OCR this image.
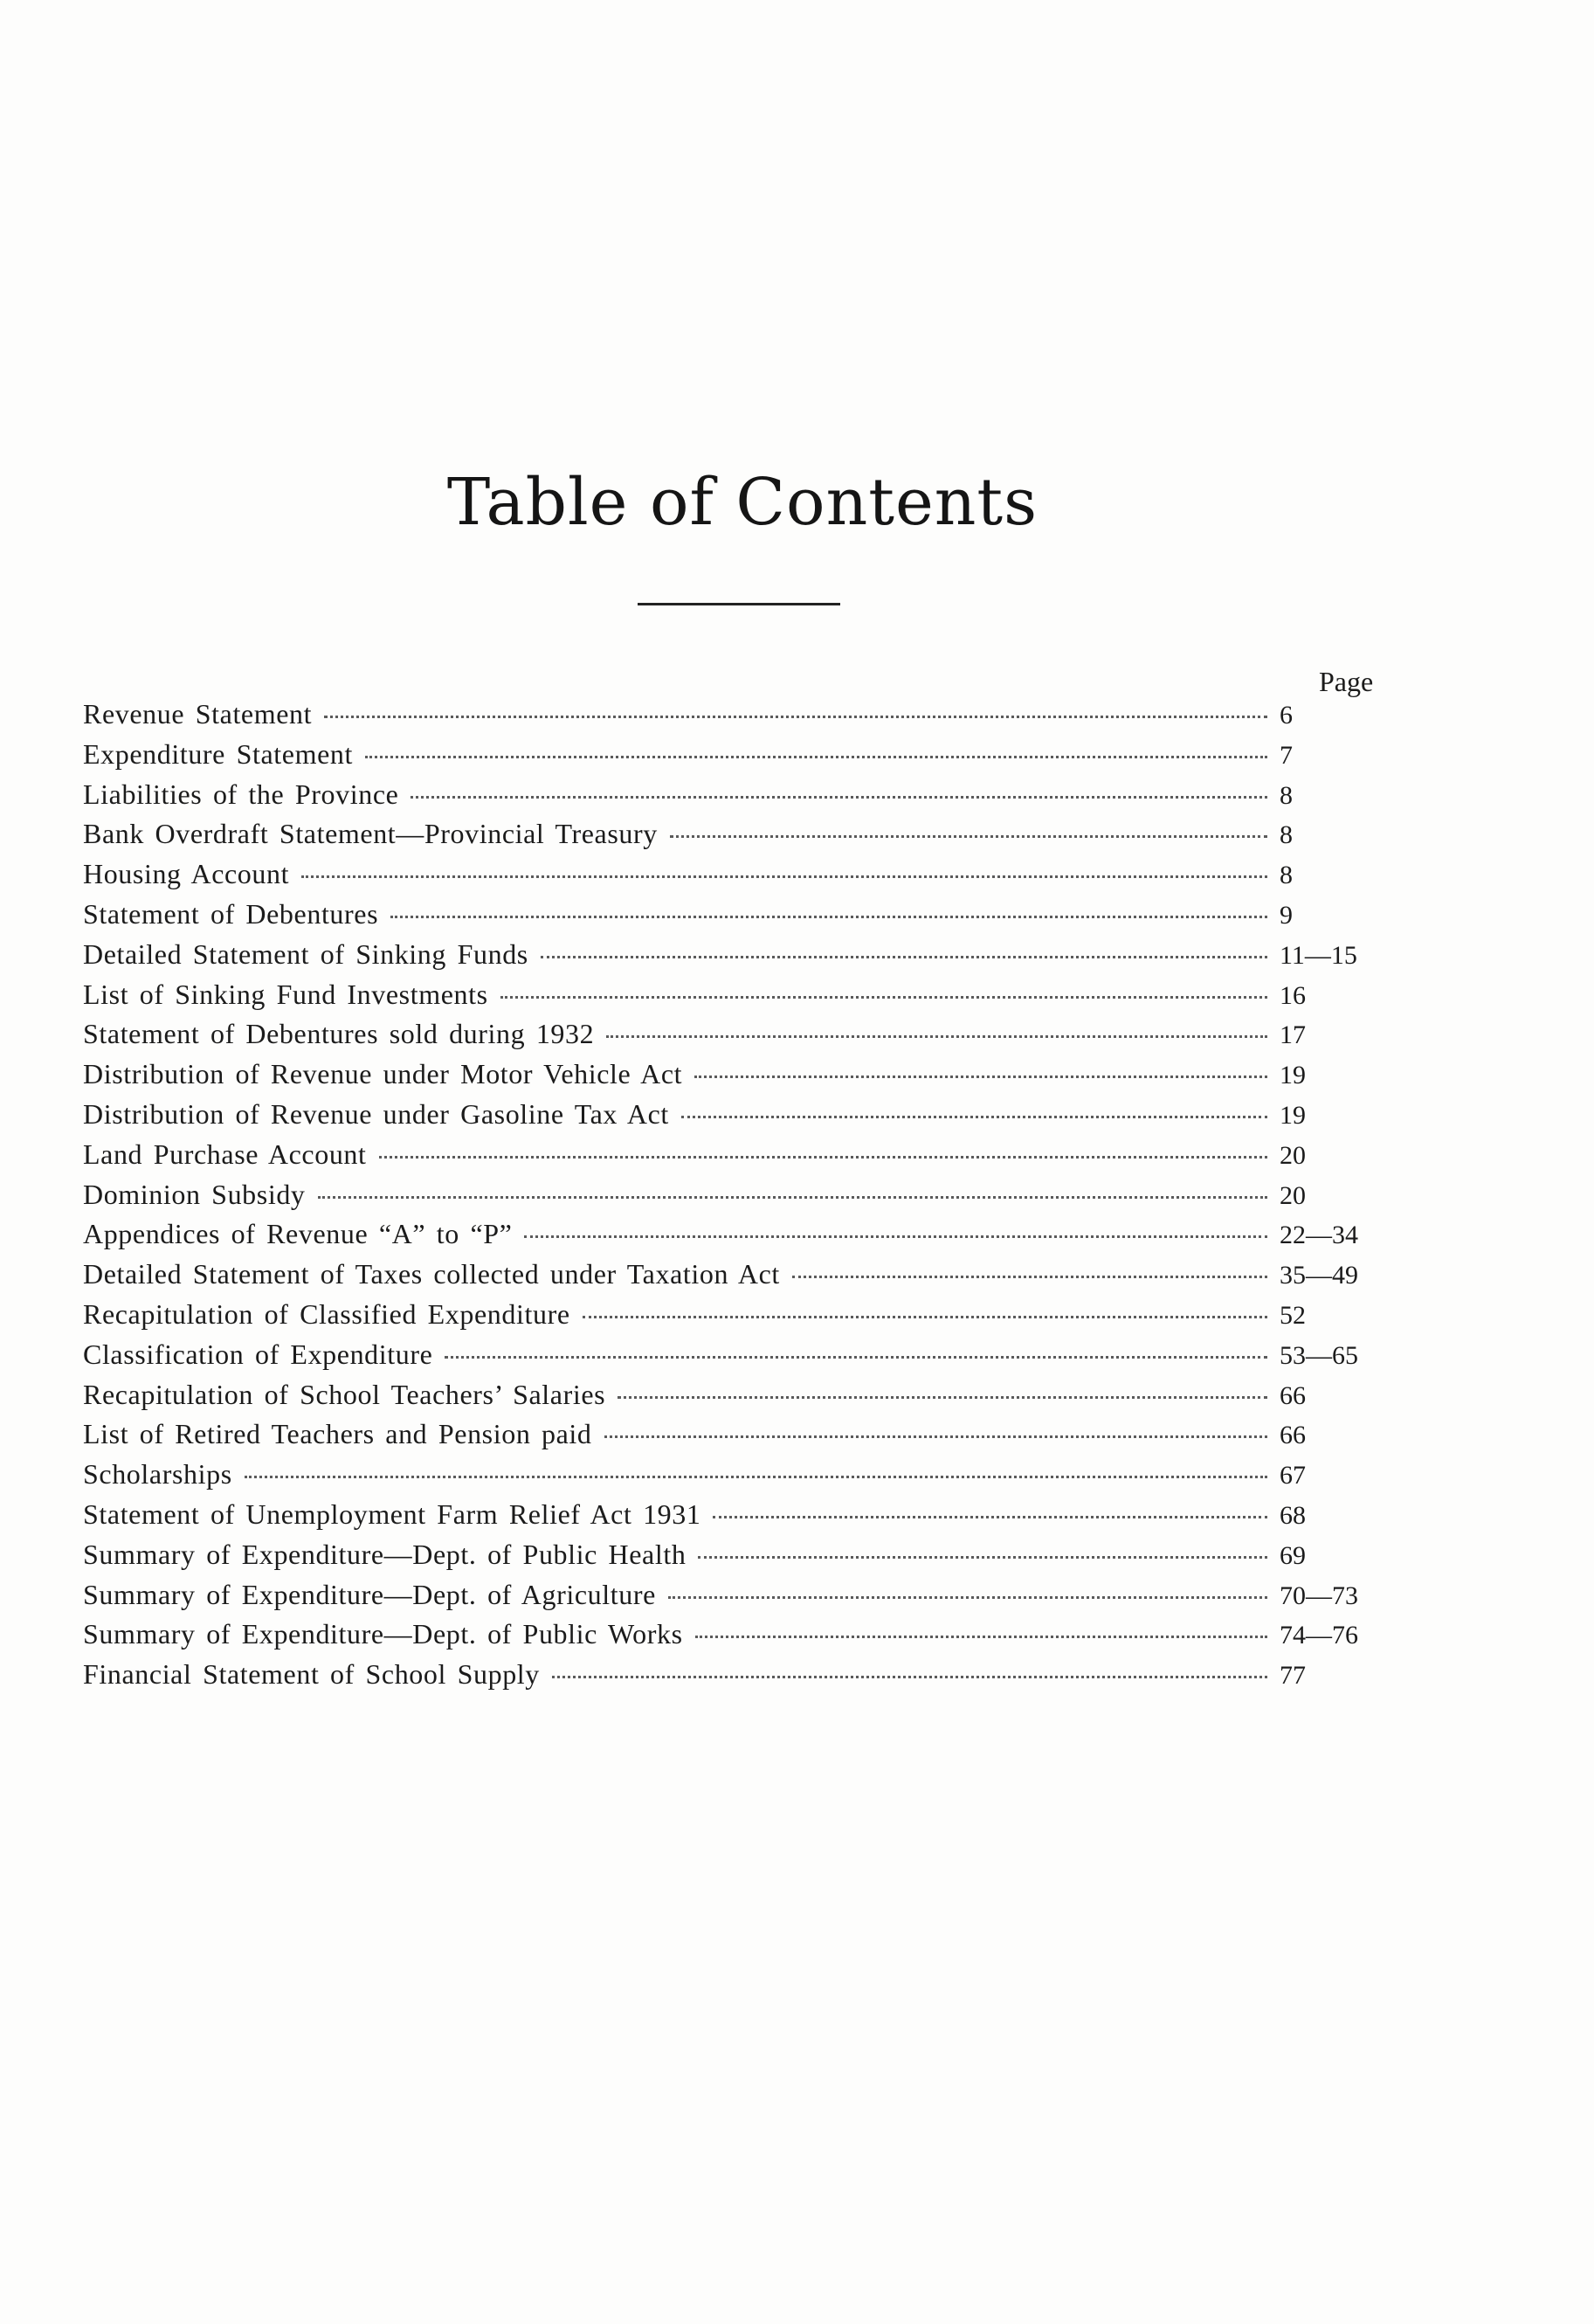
Table of Contents
Page
Revenue Statement	6
Expenditure Statement	7
Liabilities of the Province	8
Bank Overdraft Statement—Provincial Treasury	8
Housing Account	8
Statement of Debentures	9
Detailed Statement of Sinking Funds	11—15
List of Sinking Fund Investments	16
Statement of Debentures sold during 1932	17
Distribution of Revenue under Motor Vehicle Act	19
Distribution of Revenue under Gasoline Tax Act	19
Land Purchase Account	20
Dominion Subsidy	20
Appendices of Revenue “A” to “P”	22—34
Detailed Statement of Taxes collected under Taxation Act	35—49
Recapitulation of Classified Expenditure	52
Classification of Expenditure	53—65
Recapitulation of School Teachers’ Salaries	66
List of Retired Teachers and Pension paid	66
Scholarships	67
Statement of Unemployment Farm Relief Act 1931	68
Summary of Expenditure—Dept. of Public Health	69
Summary of Expenditure—Dept. of Agriculture	70—73
Summary of Expenditure—Dept. of Public Works	74—76
Financial Statement of School Supply	77
